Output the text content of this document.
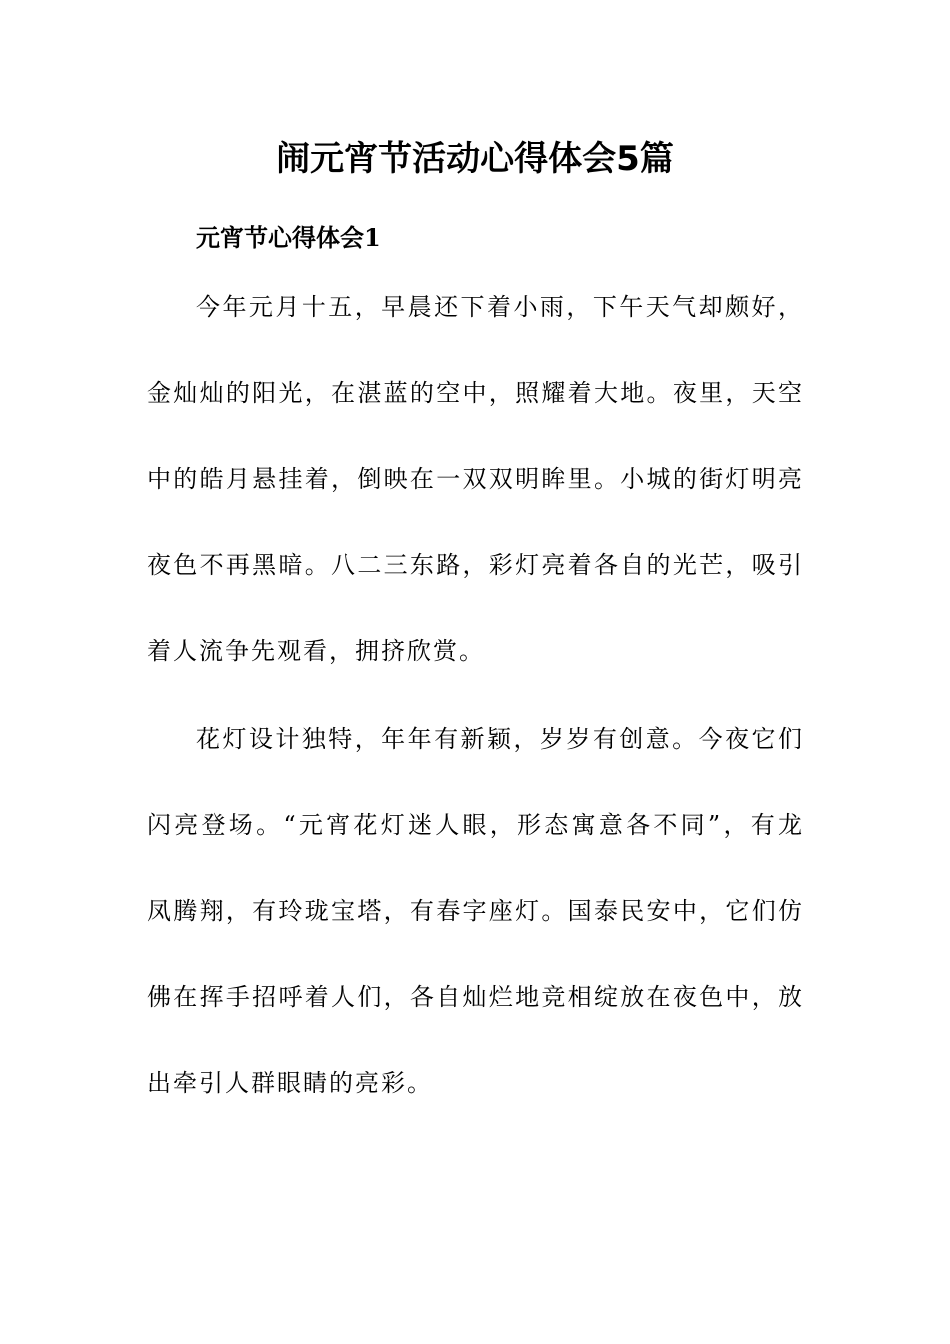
闹元宵节活动心得体会5篇
元宵节心得体会1
今年元月十五，早晨还下着小雨，下午天气却颇好，
金灿灿的阳光，在湛蓝的空中，照耀着大地。夜里，天空
中的皓月悬挂着，倒映在一双双明眸里。小城的街灯明亮
夜色不再黑暗。八二三东路，彩灯亮着各自的光芒，吸引
着人流争先观看，拥挤欣赏。
花灯设计独特，年年有新颖，岁岁有创意。今夜它们
闪亮登场。“元宵花灯迷人眼，形态寓意各不同”，有龙
凤腾翔，有玲珑宝塔，有春字座灯。国泰民安中，它们仿
佛在挥手招呼着人们，各自灿烂地竞相绽放在夜色中，放
出牵引人群眼睛的亮彩。
